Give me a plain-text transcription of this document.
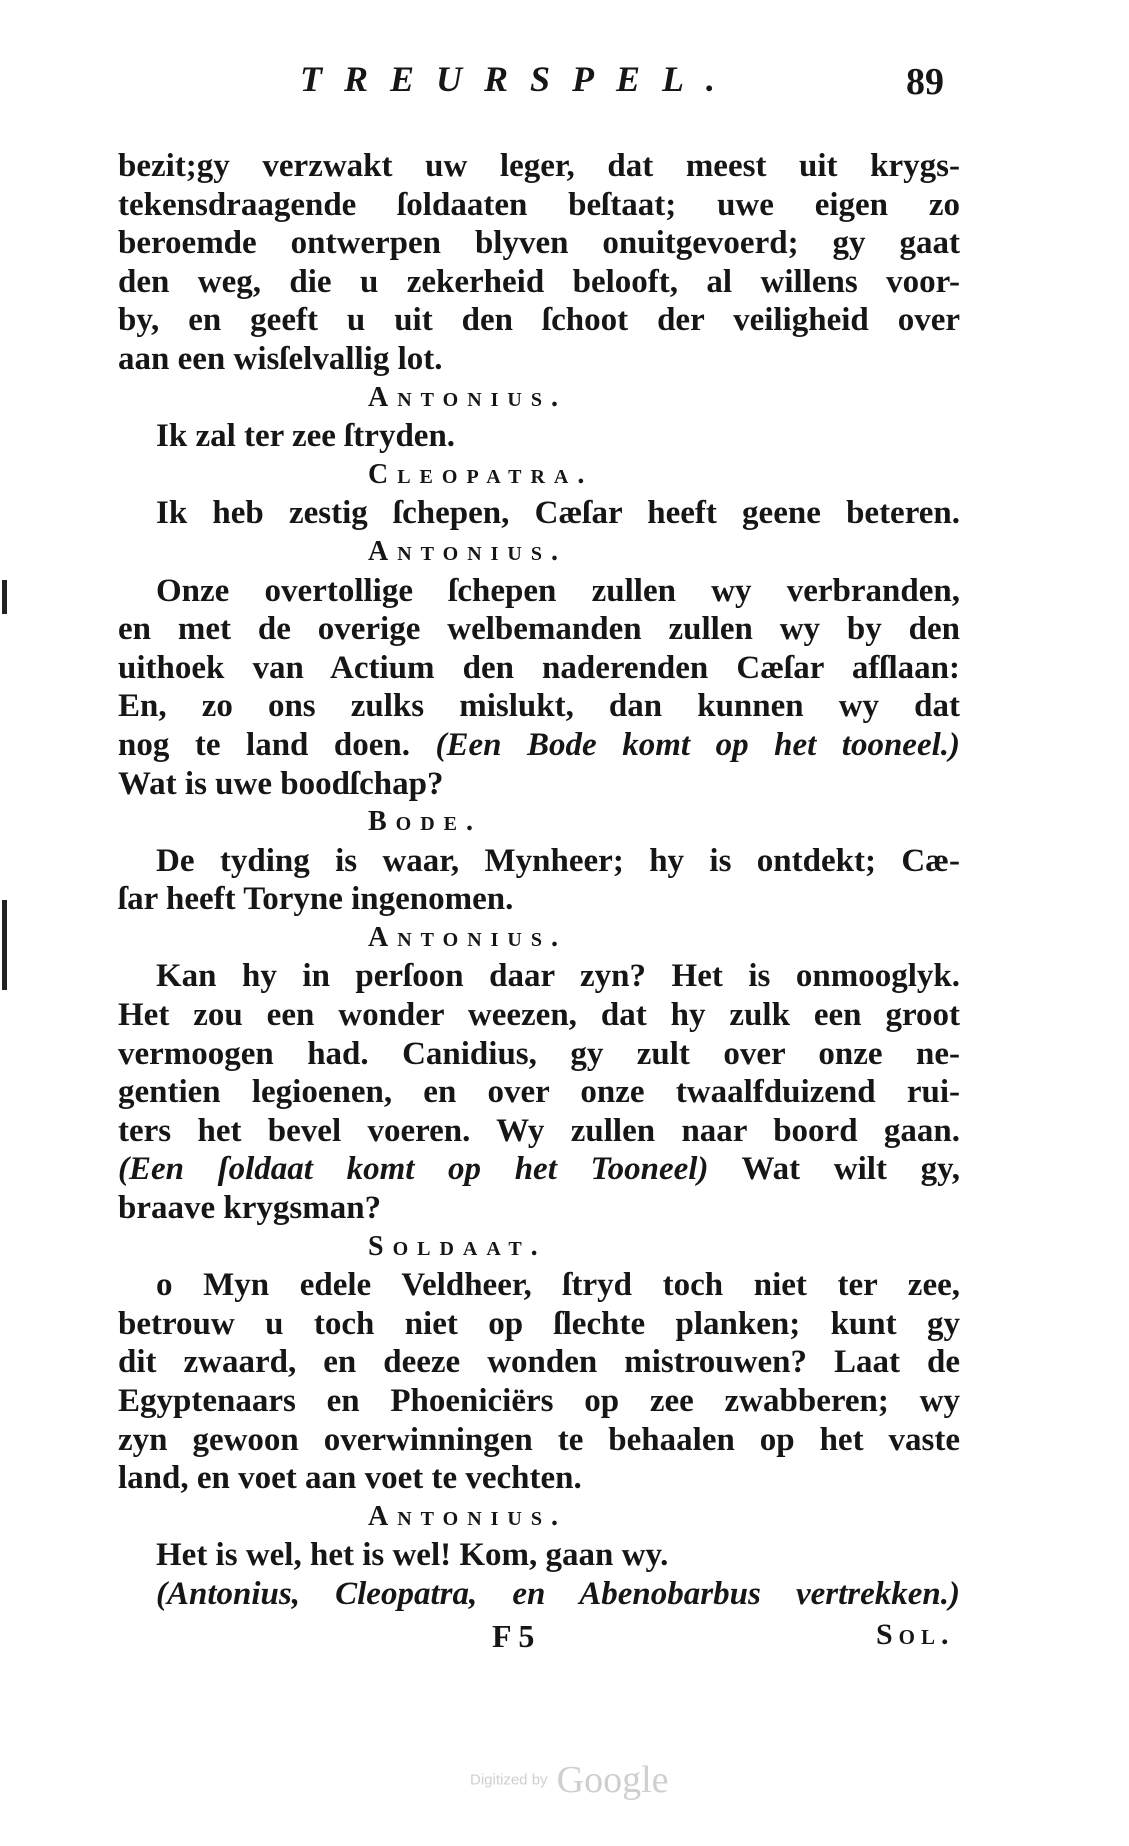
TREURSPEL.	89
bezit;gy verzwakt uw leger, dat meest uit krygs-
tekensdraagende ſoldaaten beſtaat; uwe eigen zo
beroemde ontwerpen blyven onuitgevoerd; gy gaat
den weg, die u zekerheid belooft, al willens voor-
by, en geeft u uit den ſchoot der veiligheid over
aan een wisſelvallig lot.
Antonius.
Ik zal ter zee ſtryden.
Cleopatra.
Ik heb zestig ſchepen, Cæſar heeft geene beteren.
Antonius.
Onze overtollige ſchepen zullen wy verbranden,
en met de overige welbemanden zullen wy by den
uithoek van Actium den naderenden Cæſar afſlaan:
En, zo ons zulks mislukt, dan kunnen wy dat
nog te land doen. (Een Bode komt op het tooneel.)
Wat is uwe boodſchap?
Bode.
De tyding is waar, Mynheer; hy is ontdekt; Cæ-
ſar heeft Toryne ingenomen.
Antonius.
Kan hy in perſoon daar zyn? Het is onmooglyk.
Het zou een wonder weezen, dat hy zulk een groot
vermoogen had. Canidius, gy zult over onze ne-
gentien legioenen, en over onze twaalfduizend rui-
ters het bevel voeren. Wy zullen naar boord gaan.
(Een ſoldaat komt op het Tooneel) Wat wilt gy,
braave krygsman?
Soldaat.
o Myn edele Veldheer, ſtryd toch niet ter zee,
betrouw u toch niet op ſlechte planken; kunt gy
dit zwaard, en deeze wonden mistrouwen? Laat de
Egyptenaars en Phoeniciërs op zee zwabberen; wy
zyn gewoon overwinningen te behaalen op het vaste
land, en voet aan voet te vechten.
Antonius.
Het is wel, het is wel! Kom, gaan wy.
(Antonius, Cleopatra, en Abenobarbus vertrekken.)
F 5	Sol.
Digitized by Google
